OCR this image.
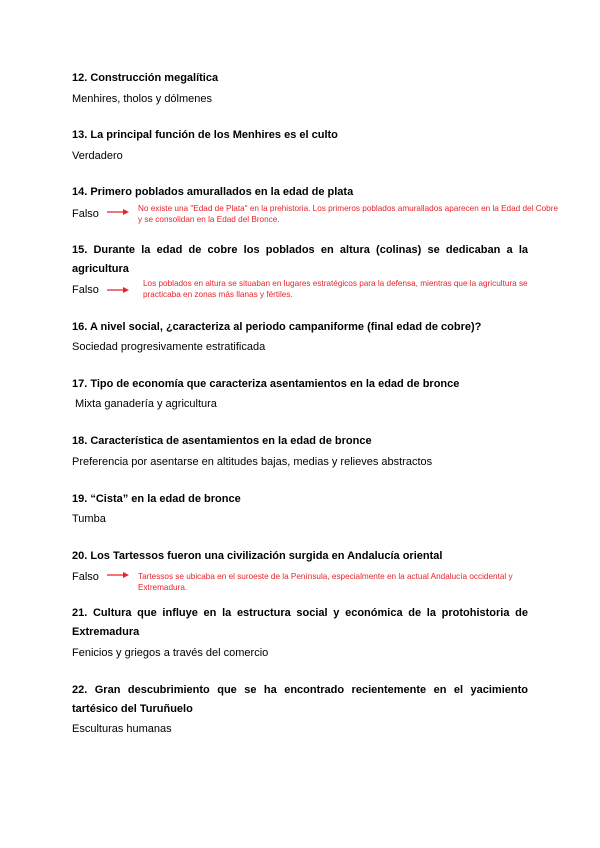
12. Construcción megalítica
Menhires, tholos y dólmenes
13. La principal función de los Menhires es el culto
Verdadero
14. Primero poblados amurallados en la edad de plata
Falso	No existe una "Edad de Plata" en la prehistoria. Los primeros poblados amurallados aparecen en la Edad del Cobre y se consolidan en la Edad del Bronce.
15. Durante la edad de cobre los poblados en altura (colinas) se dedicaban a la agricultura
Falso
Los poblados en altura se situaban en lugares estratégicos para la defensa, mientras que la agricultura se practicaba en zonas más llanas y fértiles.
16. A nivel social, ¿caracteriza al periodo campaniforme (final edad de cobre)?
Sociedad progresivamente estratificada
17. Tipo de economía que caracteriza asentamientos en la edad de bronce
Mixta ganadería y agricultura
18. Característica de asentamientos en la edad de bronce
Preferencia por asentarse en altitudes bajas, medias y relieves abstractos
19. “Cista” en la edad de bronce
Tumba
20. Los Tartessos fueron una civilización surgida en Andalucía oriental
Falso	Tartessos se ubicaba en el suroeste de la Península, especialmente en la actual Andalucía occidental y Extremadura.
21. Cultura que influye en la estructura social y económica de la protohistoria de Extremadura
Fenicios y griegos a través del comercio
22. Gran descubrimiento que se ha encontrado recientemente en el yacimiento tartésico del Turuñuelo
Esculturas humanas
